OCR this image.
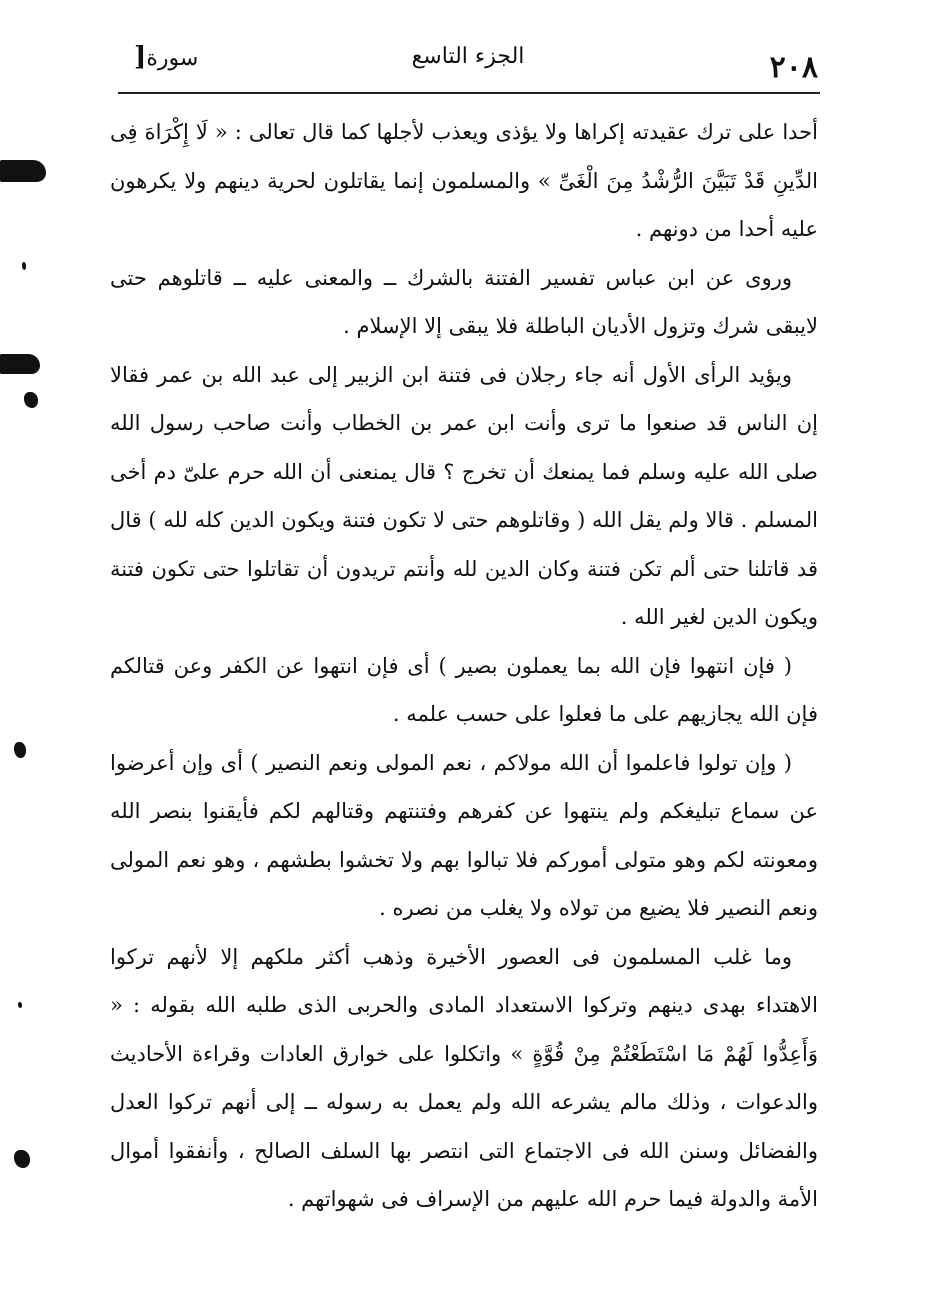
٢٠٨
الجزء التاسع
سورة[

أحدا على ترك عقيدته إكراها ولا يؤذى ويعذب لأجلها كما قال تعالى : « لَا إِكْرَاهَ فِى الدِّينِ قَدْ تَبَيَّنَ الرُّشْدُ مِنَ الْغَىِّ » والمسلمون إنما يقاتلون لحرية دينهم ولا يكرهون عليه أحدا من دونهم .

وروى عن ابن عباس تفسير الفتنة بالشرك ــ والمعنى عليه ــ قاتلوهم حتى لايبقى شرك وتزول الأديان الباطلة فلا يبقى إلا الإسلام .

ويؤيد الرأى الأول أنه جاء رجلان فى فتنة ابن الزبير إلى عبد الله بن عمر فقالا إن الناس قد صنعوا ما ترى وأنت ابن عمر بن الخطاب وأنت صاحب رسول الله صلى الله عليه وسلم فما يمنعك أن تخرج ؟ قال يمنعنى أن الله حرم علىّ دم أخى المسلم . قالا ولم يقل الله ( وقاتلوهم حتى لا تكون فتنة ويكون الدين كله لله ) قال قد قاتلنا حتى ألم تكن فتنة وكان الدين لله وأنتم تريدون أن تقاتلوا حتى تكون فتنة ويكون الدين لغير الله .

( فإن انتهوا فإن الله بما يعملون بصير ) أى فإن انتهوا عن الكفر وعن قتالكم فإن الله يجازيهم على ما فعلوا على حسب علمه .

( وإن تولوا فاعلموا أن الله مولاكم ، نعم المولى ونعم النصير ) أى وإن أعرضوا عن سماع تبليغكم ولم ينتهوا عن كفرهم وفتنتهم وقتالهم لكم فأيقنوا بنصر الله ومعونته لكم وهو متولى أموركم فلا تبالوا بهم ولا تخشوا بطشهم ، وهو نعم المولى ونعم النصير فلا يضيع من تولاه ولا يغلب من نصره .

وما غلب المسلمون فى العصور الأخيرة وذهب أكثر ملكهم إلا لأنهم تركوا الاهتداء بهدى دينهم وتركوا الاستعداد المادى والحربى الذى طلبه الله بقوله : « وَأَعِدُّوا لَهُمْ مَا اسْتَطَعْتُمْ مِنْ قُوَّةٍ » واتكلوا على خوارق العادات وقراءة الأحاديث والدعوات ، وذلك مالم يشرعه الله ولم يعمل به رسوله ــ إلى أنهم تركوا العدل والفضائل وسنن الله فى الاجتماع التى انتصر بها السلف الصالح ، وأنفقوا أموال الأمة والدولة فيما حرم الله عليهم من الإسراف فى شهواتهم .
